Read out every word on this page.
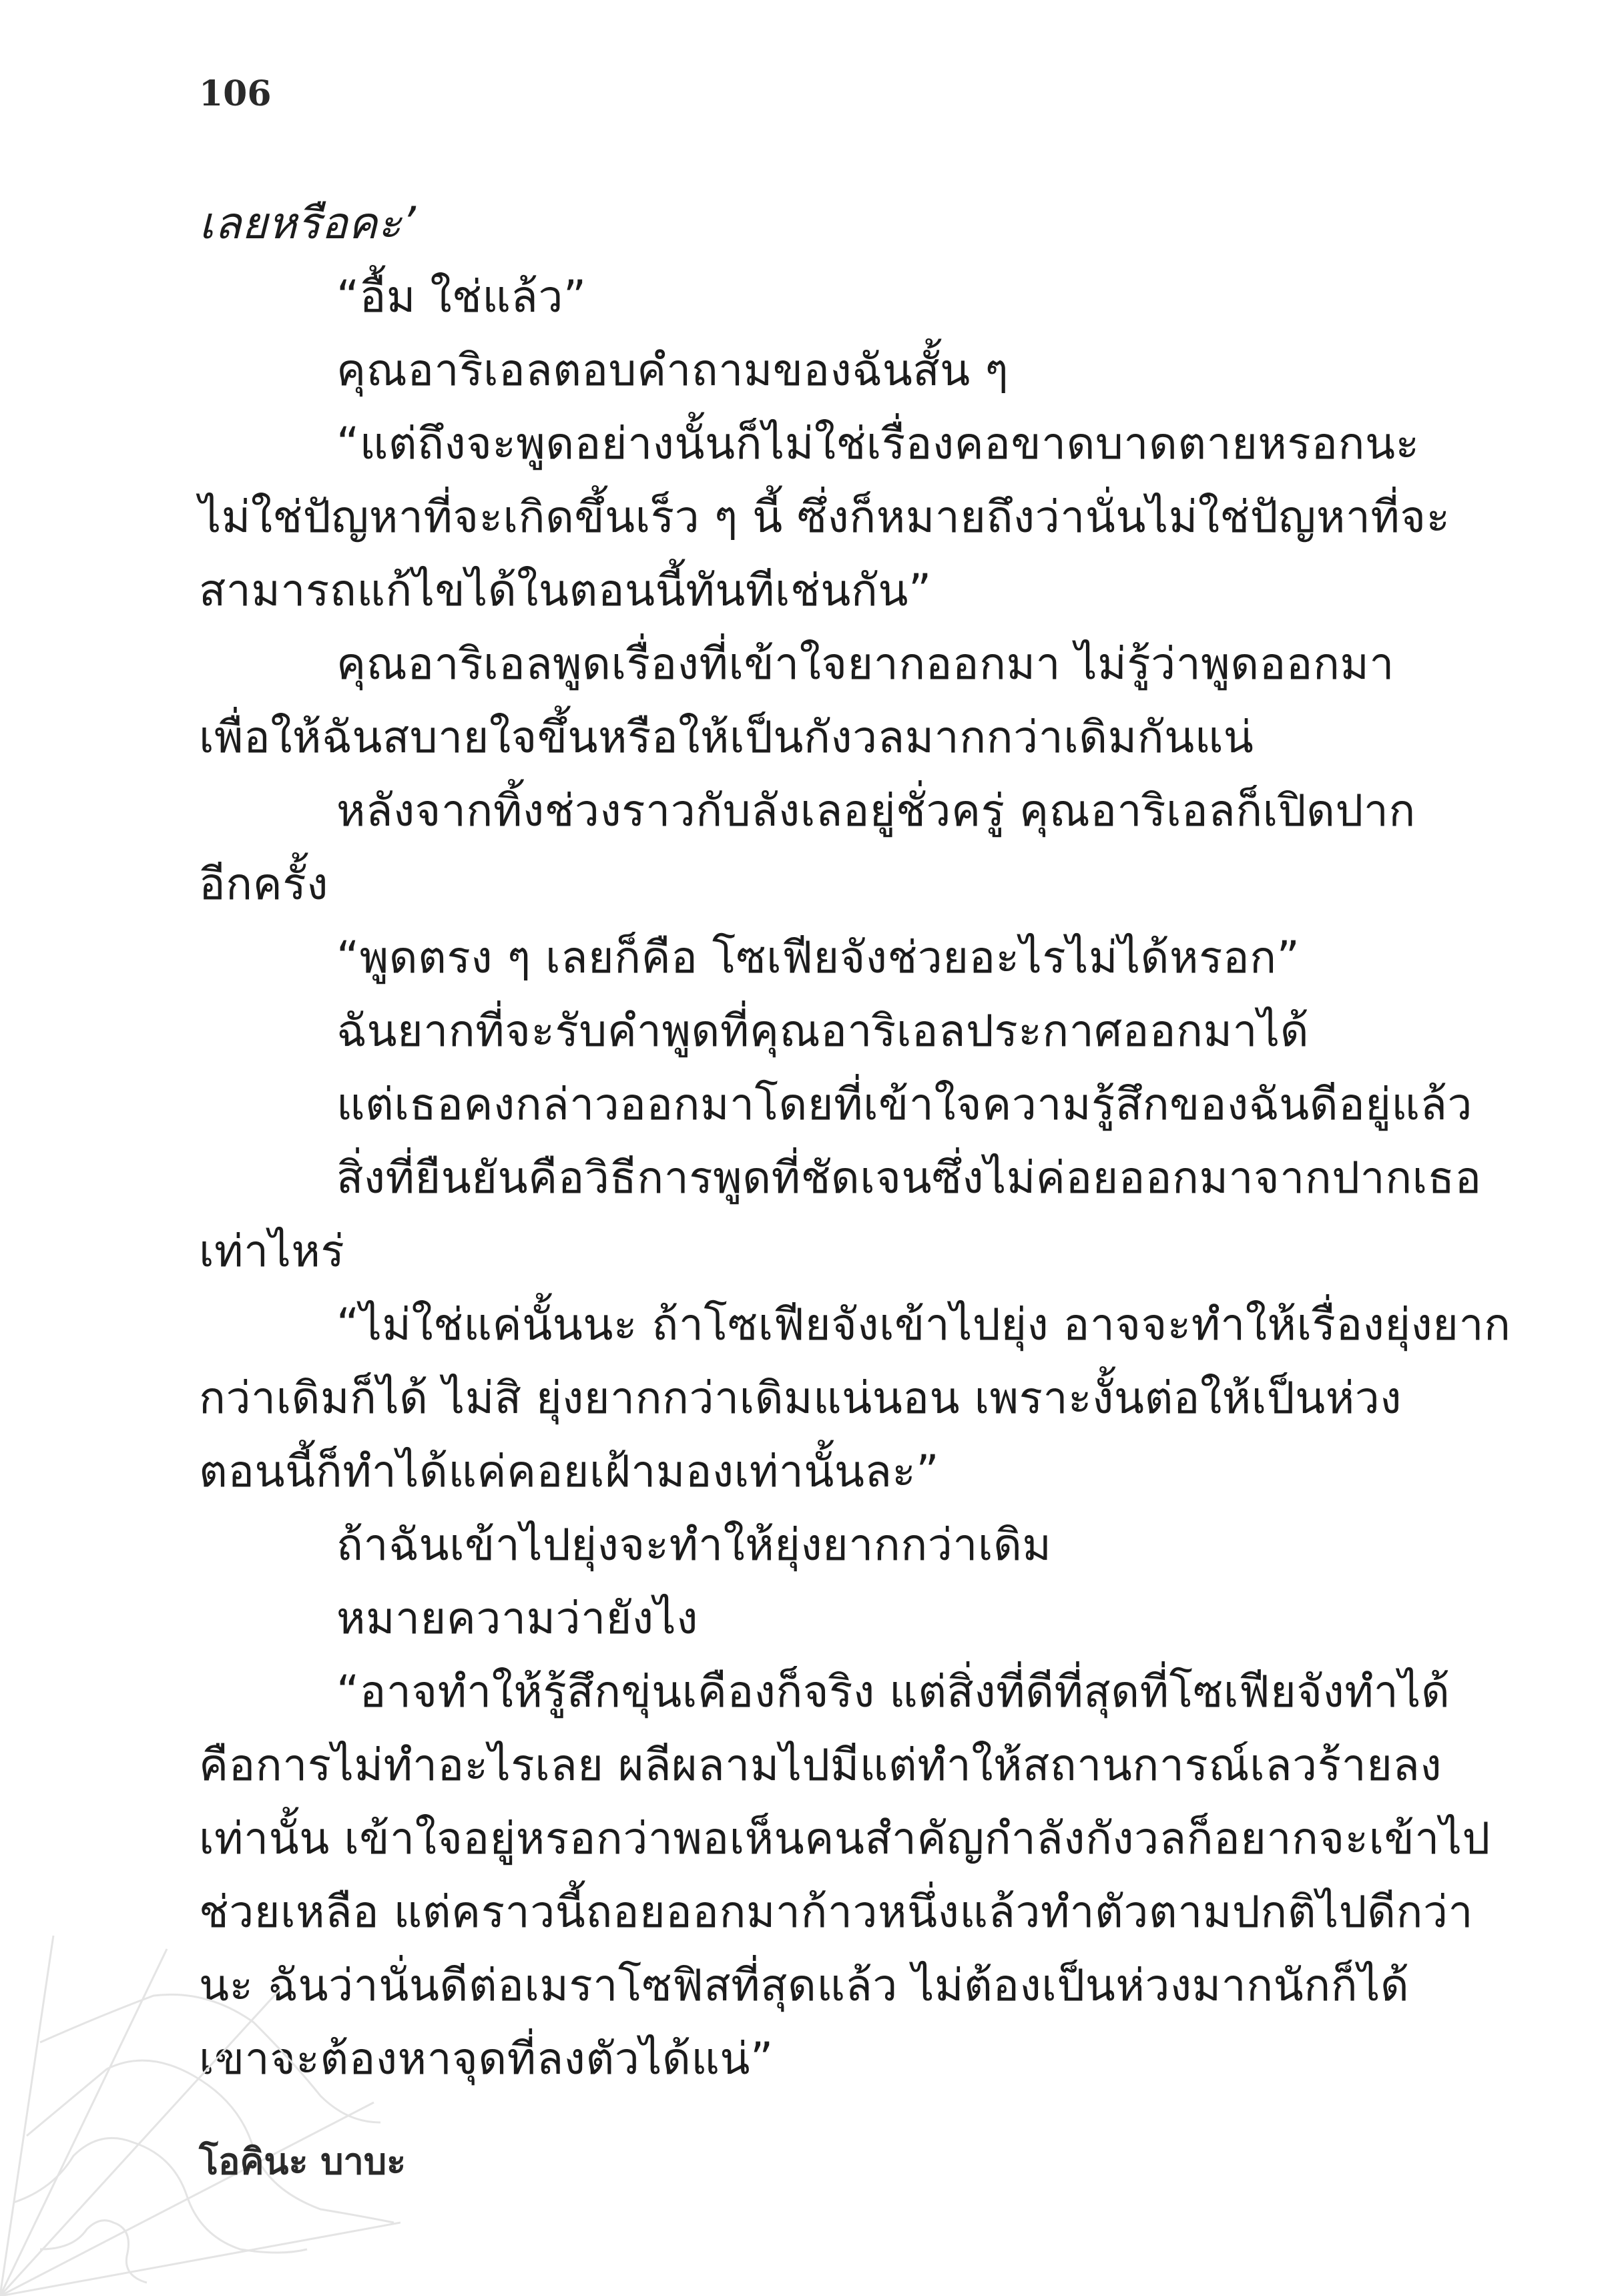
106
เลยหรือคะ’
“อื้ม ใช่แล้ว”
คุณอาริเอลตอบคำถามของฉันสั้น ๆ
“แต่ถึงจะพูดอย่างนั้นก็ไม่ใช่เรื่องคอขาดบาดตายหรอกนะ
ไม่ใช่ปัญหาที่จะเกิดขึ้นเร็ว ๆ นี้ ซึ่งก็หมายถึงว่านั่นไม่ใช่ปัญหาที่จะ
สามารถแก้ไขได้ในตอนนี้ทันทีเช่นกัน”
คุณอาริเอลพูดเรื่องที่เข้าใจยากออกมา ไม่รู้ว่าพูดออกมา
เพื่อให้ฉันสบายใจขึ้นหรือให้เป็นกังวลมากกว่าเดิมกันแน่
หลังจากทิ้งช่วงราวกับลังเลอยู่ชั่วครู่ คุณอาริเอลก็เปิดปาก
อีกครั้ง
“พูดตรง ๆ เลยก็คือ โซเฟียจังช่วยอะไรไม่ได้หรอก”
ฉันยากที่จะรับคำพูดที่คุณอาริเอลประกาศออกมาได้
แต่เธอคงกล่าวออกมาโดยที่เข้าใจความรู้สึกของฉันดีอยู่แล้ว
สิ่งที่ยืนยันคือวิธีการพูดที่ชัดเจนซึ่งไม่ค่อยออกมาจากปากเธอ
เท่าไหร่
“ไม่ใช่แค่นั้นนะ ถ้าโซเฟียจังเข้าไปยุ่ง อาจจะทำให้เรื่องยุ่งยาก
กว่าเดิมก็ได้ ไม่สิ ยุ่งยากกว่าเดิมแน่นอน เพราะงั้นต่อให้เป็นห่วง
ตอนนี้ก็ทำได้แค่คอยเฝ้ามองเท่านั้นละ”
ถ้าฉันเข้าไปยุ่งจะทำให้ยุ่งยากกว่าเดิม
หมายความว่ายังไง
“อาจทำให้รู้สึกขุ่นเคืองก็จริง แต่สิ่งที่ดีที่สุดที่โซเฟียจังทำได้
คือการไม่ทำอะไรเลย ผลีผลามไปมีแต่ทำให้สถานการณ์เลวร้ายลง
เท่านั้น เข้าใจอยู่หรอกว่าพอเห็นคนสำคัญกำลังกังวลก็อยากจะเข้าไป
ช่วยเหลือ แต่คราวนี้ถอยออกมาก้าวหนึ่งแล้วทำตัวตามปกติไปดีกว่า
นะ ฉันว่านั่นดีต่อเมราโซฟิสที่สุดแล้ว ไม่ต้องเป็นห่วงมากนักก็ได้
เขาจะต้องหาจุดที่ลงตัวได้แน่”
โอคินะ บาบะ
